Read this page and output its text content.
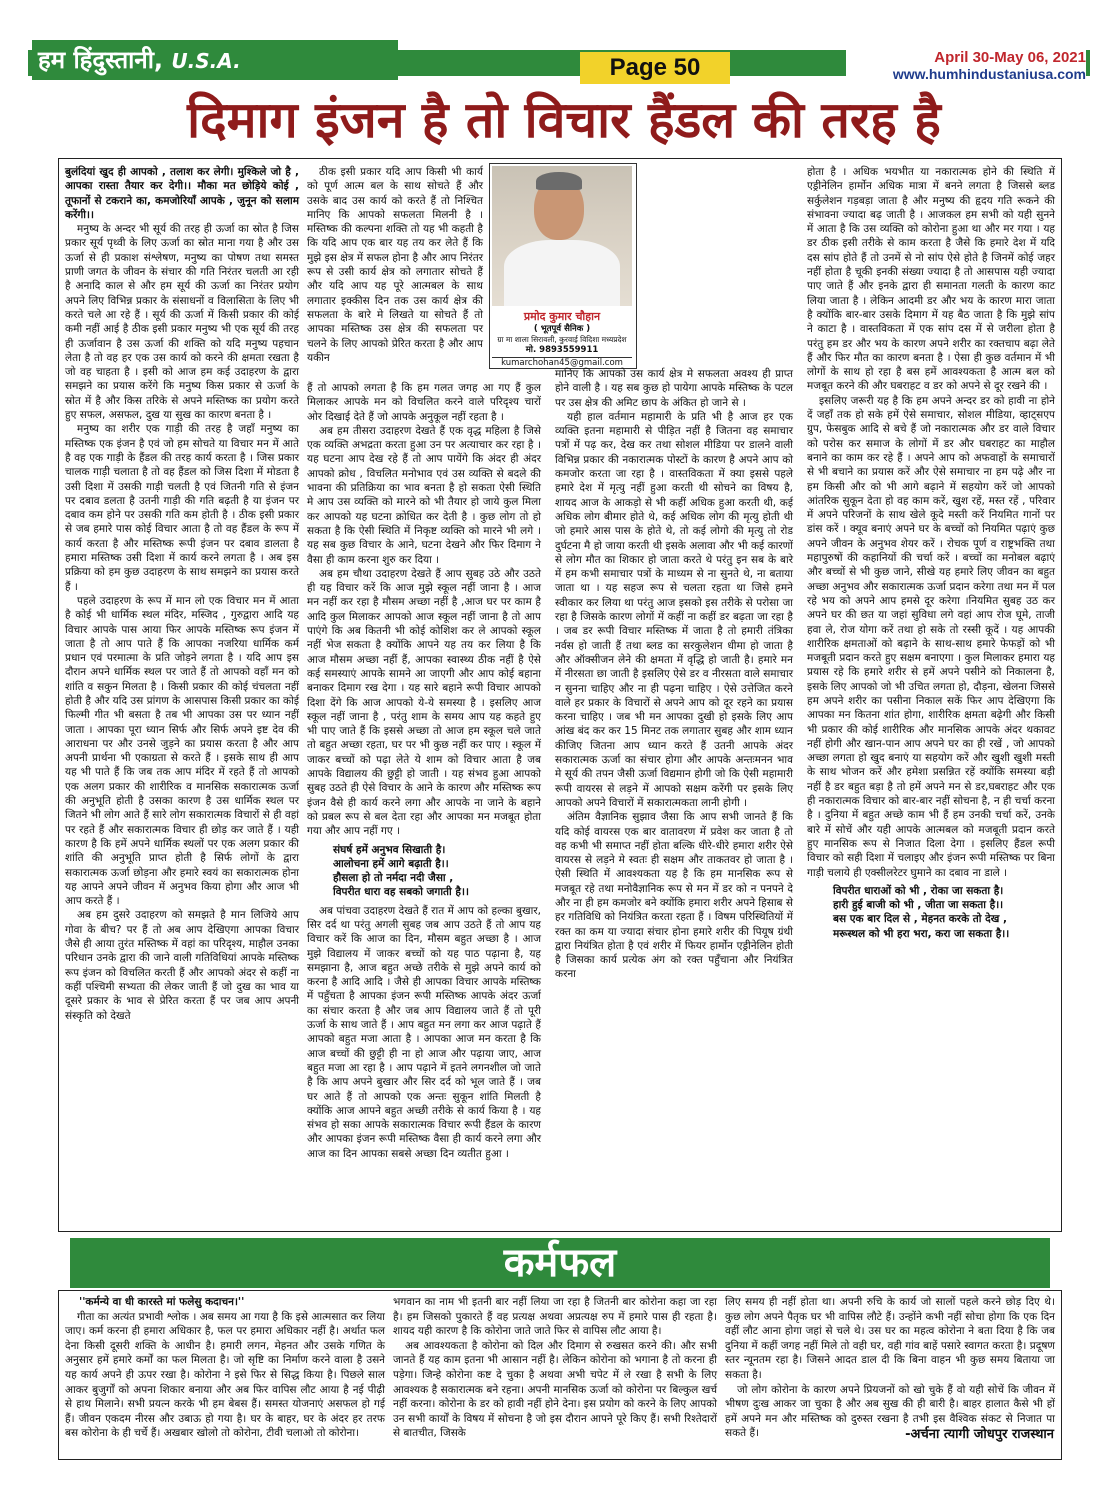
हम हिंदुस्तानी, U.S.A.	Page 50	April 30-May 06, 2021
www.humhindustaniusa.com
दिमाग इंजन है तो विचार हैंडल की तरह है

बुलंदियां खुद ही आपको , तलाश कर लेगी। मुश्किले जो है , आपका रास्ता तैयार कर देगी।। मौका मत छोड़िये कोई , तूफानों से टकराने का, कमजोरियाँ आपके , जुनून को सलाम करेंगी।।

मनुष्य के अन्दर भी सूर्य की तरह ही ऊर्जा का स्रोत है जिस प्रकार सूर्य पृथ्वी के लिए ऊर्जा का स्रोत माना गया है और उस ऊर्जा से ही प्रकाश संश्लेषण, मनुष्य का पोषण तथा समस्त प्राणी जगत के जीवन के संचार की गति निरंतर चलती आ रही है अनादि काल से और हम सूर्य की ऊर्जा का निरंतर प्रयोग अपने लिए विभिन्न प्रकार के संसाधनों व विलासिता के लिए भी करते चले आ रहे हैं । सूर्य की ऊर्जा में किसी प्रकार की कोई कमी नहीं आई है ठीक इसी प्रकार मनुष्य भी एक सूर्य की तरह ही ऊर्जावान है उस ऊर्जा की शक्ति को यदि मनुष्य पहचान लेता है तो वह हर एक उस कार्य को करने की क्षमता रखता है जो वह चाहता है । इसी को आज हम कई उदाहरण के द्वारा समझने का प्रयास करेंगे कि मनुष्य किस प्रकार से ऊर्जा के स्रोत में है और किस तरिके से अपने मस्तिष्क का प्रयोग करते हुए सफल, असफल, दुख या सुख का कारण बनता है ।

मनुष्य का शरीर एक गाड़ी की तरह है जहाँ मनुष्य का मस्तिष्क एक इंजन है एवं जो हम सोचते या विचार मन में आते है वह एक गाड़ी के हैंडल की तरह कार्य करता है । जिस प्रकार चालक गाड़ी चलाता है तो वह हैंडल को जिस दिशा में मोडता है उसी दिशा में उसकी गाड़ी चलती है एवं जितनी गति से इंजन पर दबाव डलता है उतनी गाड़ी की गति बढ़ती है या इंजन पर दबाव कम होने पर उसकी गति कम होती है । ठीक इसी प्रकार से जब हमारे पास कोई विचार आता है तो वह हैंडल के रूप में कार्य करता है और मस्तिष्क रूपी इंजन पर दबाव डालता है हमारा मस्तिष्क उसी दिशा में कार्य करने लगता है । अब इस प्रक्रिया को हम कुछ उदाहरण के साथ समझने का प्रयास करते हैं ।

पहले उदाहरण के रूप में मान लो एक विचार मन में आता है कोई भी धार्मिक स्थल मंदिर, मस्जिद , गुरुद्वारा आदि यह विचार आपके पास आया फिर आपके मस्तिष्क रूप इंजन में जाता है तो आप पाते हैं कि आपका नजरिया धार्मिक कर्म प्रधान एवं परमात्मा के प्रति जोड़ने लगता है । यदि आप इस दौरान अपने धार्मिक स्थल पर जाते हैं तो आपको वहाँ मन को शांति व सकुन मिलता है । किसी प्रकार की कोई चंचलता नहीं होती है और यदि उस प्रांगण के आसपास किसी प्रकार का कोई फिल्मी गीत भी बसता है तब भी आपका उस पर ध्यान नहीं जाता । आपका पूरा ध्यान सिर्फ और सिर्फ अपने इष्ट देव की आराधना पर और उनसे जुड़ने का प्रयास करता है और आप अपनी प्रार्थना भी एकाग्रता से करते हैं । इसके साथ ही आप यह भी पाते हैं कि जब तक आप मंदिर में रहते हैं तो आपको एक अलग प्रकार की शारीरिक व मानसिक सकारात्मक ऊर्जा की अनुभूति होती है उसका कारण है उस धार्मिक स्थल पर जितने भी लोग आते हैं सारे लोग सकारात्मक विचारों से ही वहां पर रहते हैं और सकारात्मक विचार ही छोड़ कर जाते हैं । यही कारण है कि हमें अपने धार्मिक स्थलों पर एक अलग प्रकार की शांति की अनुभूति प्राप्त होती है सिर्फ लोगों के द्वारा सकारात्मक ऊर्जा छोड़ना और हमारे स्वयं का सकारात्मक होना यह आपने अपने जीवन में अनुभव किया होगा और आज भी आप करते हैं ।

अब हम दुसरे उदाहरण को समझते है मान लिजिये आप गोवा के बीच? पर हैं तो अब आप देखिएगा आपका विचार जैसे ही आया तुरंत मस्तिष्क में वहां का परिदृश्य, माहौल उनका परिधान उनके द्वारा की जाने वाली गतिविधियां आपके मस्तिष्क रूप इंजन को विचलित करती हैं और आपको अंदर से कहीं ना कहीं पश्चिमी सभ्यता की लेकर जाती हैं जो दुख का भाव या दूसरे प्रकार के भाव से प्रेरित करता हैं पर जब आप अपनी संस्कृति को देखते

हैं तो आपको लगता है कि हम गलत जगह आ गए हैं कुल मिलाकर आपके मन को विचलित करने वाले परिदृश्य चारों ओर दिखाई देते हैं जो आपके अनुकूल नहीं रहता है ।

अब हम तीसरा उदाहरण देखते हैं एक वृद्ध महिला है जिसे एक व्यक्ति अभद्रता करता हुआ उन पर अत्याचार कर रहा है । यह घटना आप देख रहे हैं तो आप पायेंगे कि अंदर ही अंदर आपको क्रोध , विचलित मनोभाव एवं उस व्यक्ति से बदले की भावना की प्रतिक्रिया का भाव बनता है हो सकता ऐसी स्थिति मे आप उस व्यक्ति को मारने को भी तैयार हो जाये कुल मिला कर आपको यह घटना क्रोधित कर देती है । कुछ लोग तो हो सकता है कि ऐसी स्थिति में निकृष्ट व्यक्ति को मारने भी लगे । यह सब कुछ विचार के आने, घटना देखने और फिर दिमाग ने वैसा ही काम करना शुरु कर दिया ।

अब हम चौथा उदाहरण देखते हैं आप सुबह उठे और उठते ही यह विचार करें कि आज मुझे स्कूल नहीं जाना है । आज मन नहीं कर रहा है मौसम अच्छा नहीं है ,आज घर पर काम है आदि कुल मिलाकर आपको आज स्कूल नहीं जाना है तो आप पाएंगे कि अब कितनी भी कोई कोशिश कर ले आपको स्कूल नहीं भेज सकता है क्योंकि आपने यह तय कर लिया है कि आज मौसम अच्छा नहीं हैं, आपका स्वास्थ्य ठीक नहीं है ऐसे कई समस्याएं आपके सामने आ जाएगी और आप कोई बहाना बनाकर दिमाग रख देगा । यह सारे बहाने रूपी विचार आपको दिशा देंगे कि आज आपको ये-ये समस्या है । इसलिए आज स्कूल नहीं जाना है , परंतु शाम के समय आप यह कहते हुए भी पाए जाते हैं कि इससे अच्छा तो आज हम स्कूल चले जाते तो बहुत अच्छा रहता, घर पर भी कुछ नहीं कर पाए । स्कूल में जाकर बच्चों को पढ़ा लेते ये शाम को विचार आता है जब आपके विद्यालय की छुट्टी हो जाती । यह संभव हुआ आपको सुबह उठते ही ऐसे विचार के आने के कारण और मस्तिष्क रूप इंजन वैसे ही कार्य करने लगा और आपके ना जाने के बहाने को प्रबल रूप से बल देता रहा और आपका मन मजबूत होता गया और आप नहीं गए ।

संघर्ष हमें अनुभव सिखाती है।
आलोचना हमें आगे बढ़ाती है।।
हौसला हो तो नर्मदा नदी जैसा ,
विपरीत धारा वह सबको जगाती है।।

अब पांचवा उदाहरण देखते हैं रात में आप को हल्का बुखार, सिर दर्द था परंतु अगली सुबह जब आप उठते हैं तो आप यह विचार करें कि आज का दिन, मौसम बहुत अच्छा है । आज मुझे विद्यालय में जाकर बच्चों को यह पाठ पढ़ाना है, यह समझाना है, आज बहुत अच्छे तरीके से मुझे अपने कार्य को करना है आदि आदि । जैसे ही आपका विचार आपके मस्तिष्क में पहुँचता है आपका इंजन रूपी मस्तिष्क आपके अंदर ऊर्जा का संचार करता है और जब आप विद्यालय जाते हैं तो पूरी ऊर्जा के साथ जाते हैं । आप बहुत मन लगा कर आज पढ़ाते हैं आपको बहुत मजा आता है । आपका आज मन करता है कि आज बच्चों की छुट्टी ही ना हो आज और पढ़ाया जाए, आज बहुत मजा आ रहा है । आप पढ़ाने में इतने लगनशील जो जाते है कि आप अपने बुखार और सिर दर्द को भूल जाते हैं । जब घर आते हैं तो आपको एक अन्तः सुकून शांति मिलती है क्योंकि आज आपने बहुत अच्छी तरीके से कार्य किया है । यह संभव हो सका आपके सकारात्मक विचार रूपी हैंडल के कारण और आपका इंजन रूपी मस्तिष्क वैसा ही कार्य करने लगा और आज का दिन आपका सबसे अच्छा दिन व्यतीत हुआ ।

प्रमोद कुमार चौहान
( भूतपूर्व सैनिक )
ग्रा मा शाला सिरावली, कुरवाई विदिशा मध्यप्रदेश
मो. 9893559911
kumarchohan45@gmail.com

ठीक इसी प्रकार यदि आप किसी भी कार्य को पूर्ण आत्म बल के साथ सोचते हैं और उसके बाद उस कार्य को करते हैं तो निश्चित मानिए कि आपको सफलता मिलनी है ।मस्तिष्क की कल्पना शक्ति तो यह भी कहती है कि यदि आप एक बार यह तय कर लेते हैं कि मुझे इस क्षेत्र में सफल होना है और आप निरंतर रूप से उसी कार्य क्षेत्र को लगातार सोचते हैं और यदि आप यह पूरे आत्मबल के साथ लगातार इक्कीस दिन तक उस कार्य क्षेत्र की सफलता के बारे मे लिखते या सोचते हैं तो आपका मस्तिष्क उस क्षेत्र की सफलता पर चलने के लिए आपको प्रेरित करता है और आप यकीन

मानिए कि आपको उस कार्य क्षेत्र मे सफलता अवश्य ही प्राप्त होने वाली है । यह सब कुछ हो पायेगा आपके मस्तिष्क के पटल पर उस क्षेत्र की अमिट छाप के अंकित हो जाने से ।

यही हाल वर्तमान महामारी के प्रति भी है आज हर एक व्यक्ति इतना महामारी से पीड़ित नहीं है जितना वह समाचार पत्रों में पढ़ कर, देख कर तथा सोशल मीडिया पर डालने वाली विभिन्न प्रकार की नकारात्मक पोस्टों के कारण है अपने आप को कमजोर करता जा रहा है । वास्तविकता में क्या इससे पहले हमारे देश में मृत्यु नहीं हुआ करती थी सोचने का विषय है, शायद आज के आकड़ो से भी कहीं अधिक हुआ करती थी, कई अधिक लोग बीमार होते थे, कई अधिक लोग की मृत्यु होती थी जो हमारे आस पास के होते थे, तो कई लोगो की मृत्यु तो रोड दुर्घटना मै हो जाया करती थी इसके अलावा और भी कई कारणों से लोग मौत का शिकार हो जाता करते थे परंतु इन सब के बारे में हम कभी समाचार पत्रों के माध्यम से ना सुनते थे, ना बताया जाता था । यह सहज रूप से चलता रहता था जिसे हमने स्वीकार कर लिया था परंतु आज इसको इस तरीके से परोसा जा रहा है जिसके कारण लोगों में कहीं ना कहीं डर बढ़ता जा रहा है । जब डर रूपी विचार मस्तिष्क में जाता है तो हमारी तंत्रिका नर्वस हो जाती हैं तथा ब्लड का सरकुलेशन धीमा हो जाता है और ऑक्सीजन लेने की क्षमता में वृद्धि हो जाती है। हमारे मन में नीरसता छा जाती है इसलिए ऐसे डर व नीरसता वाले समाचार न सुनना चाहिए और ना ही पढ़ना चाहिए । ऐसे उत्तेजित करने वाले हर प्रकार के विचारों से अपने आप को दूर रहने का प्रयास करना चाहिए । जब भी मन आपका दुखी हो इसके लिए आप आंख बंद कर कर 15 मिनट तक लगातार सुबह और शाम ध्यान कीजिए जितना आप ध्यान करते हैं उतनी आपके अंदर सकारात्मक ऊर्जा का संचार होगा और आपके अन्तःमनन भाव मे सूर्य की तपन जैसी ऊर्जा विद्यमान होगी जो कि ऐसी महामारी रूपी वायरस से लड़ने में आपको सक्षम करेंगी पर इसके लिए आपको अपने विचारों में सकारात्मकता लानी होगी ।

अंतिम वैज्ञानिक सुझाव जैसा कि आप सभी जानते हैं कि यदि कोई वायरस एक बार वातावरण में प्रवेश कर जाता है तो वह कभी भी समाप्त नहीं होता बल्कि धीरे-धीरे हमारा शरीर ऐसे वायरस से लड़ने मे स्वतः ही सक्षम और ताकतवर हो जाता है । ऐसी स्थिति में आवश्यकता यह है कि हम मानसिक रूप से मजबूत रहे तथा मनोवैज्ञानिक रूप से मन में डर को न पनपने दे और ना ही हम कमजोर बने क्योंकि हमारा शरीर अपने हिसाब से हर गतिविधि को नियंत्रित करता रहता हैं । विषम परिस्थितियों में रक्त का कम या ज्यादा संचार होना हमारे शरीर की पियूष ग्रंथी द्वारा नियंत्रित होता है एवं शरीर में फियर हार्मोन एड्रीनेलिन होती है जिसका कार्य प्रत्येक अंग को रक्त पहुँचाना और नियंत्रित करना

होता है । अधिक भयभीत या नकारात्मक होने की स्थिति में एड्रीनेलिन हार्मोन अधिक मात्रा में बनने लगता है जिससे ब्लड सर्कुलेशन गड़बड़ा जाता है और मनुष्य की हृदय गति रूकने की संभावना ज्यादा बढ़ जाती है । आजकल हम सभी को यही सुनने में आता है कि उस व्यक्ति को कोरोना हुआ था और मर गया । यह डर ठीक इसी तरीके से काम करता है जैसे कि हमारे देश में यदि दस सांप होते हैं तो उनमें से नो सांप ऐसे होते है जिनमें कोई जहर नहीं होता है चूकी इनकी संख्या ज्यादा है तो आसपास यही ज्यादा पाए जाते हैं और इनके द्वारा ही समानता गलती के कारण काट लिया जाता है । लेकिन आदमी डर और भय के कारण मारा जाता है क्योंकि बार-बार उसके दिमाग में यह बैठ जाता है कि मुझे सांप ने काटा है । वास्तविकता में एक सांप दस में से जरीला होता है परंतु हम डर और भय के कारण अपने शरीर का रक्तचाप बढ़ा लेते हैं और फिर मौत का कारण बनता है । ऐसा ही कुछ वर्तमान में भी लोगों के साथ हो रहा है बस हमें आवश्यकता है आत्म बल को मजबूत करने की और घबराहट व डर को अपने से दूर रखने की ।

इसलिए जरूरी यह है कि हम अपने अन्दर डर को हावी ना होने दें जहाँ तक हो सके हमें ऐसे समाचार, सोशल मीडिया, व्हाट्सएप ग्रुप, फेसबुक आदि से बचे हैं जो नकारात्मक और डर वाले विचार को परोस कर समाज के लोगों में डर और घबराहट का माहौल बनाने का काम कर रहे हैं । अपने आप को अफवाहों के समाचारों से भी बचाने का प्रयास करें और ऐसे समाचार ना हम पढ़े और ना हम किसी और को भी आगे बढ़ाने में सहयोग करें जो आपको आंतरिक सुकून देता हो वह काम करें, खुश रहें, मस्त रहें , परिवार में अपने परिजनों के साथ खेले कूदे मस्ती करें नियमित गानों पर डांस करें । क्यूव बनाएं अपने घर के बच्चों को नियमित पढ़ाएं कुछ अपने जीवन के अनुभव शेयर करें । रोचक पूर्ण व राष्ट्रभक्ति तथा महापुरुषों की कहानियों की चर्चा करें । बच्चों का मनोबल बढ़ाएं और बच्चों से भी कुछ जाने, सीखे यह हमारे लिए जीवन का बहुत अच्छा अनुभव और सकारात्मक ऊर्जा प्रदान करेगा तथा मन में पल रहे भय को अपने आप हमसे दूर करेगा ।नियमित सुबह उठ कर अपने घर की छत या जहां सुविधा लगे वहां आप रोज घूमे, ताजी हवा ले, रोज योगा करें तथा हो सके तो रस्सी कूदें । यह आपकी शारीरिक क्षमताओं को बढ़ाने के साथ-साथ हमारे फेफड़ों को भी मजबूती प्रदान करते हुए सक्षम बनाएगा । कुल मिलाकर हमारा यह प्रयास रहे कि हमारे शरीर से हमें अपने पसीने को निकालना है, इसके लिए आपको जो भी उचित लगता हो, दौड़ना, खेलना जिससे हम अपने शरीर का पसीना निकाल सकें फिर आप देखिएगा कि आपका मन कितना शांत होगा, शारीरिक क्षमता बढ़ेगी और किसी भी प्रकार की कोई शारीरिक और मानसिक आपके अंदर थकावट नहीं होगी और खान-पान आप अपने घर का ही रखें , जो आपको अच्छा लगता हो खुद बनाएं या सहयोग करें और खुशी खुशी मस्ती के साथ भोजन करें और हमेशा प्रसन्नित रहें क्योंकि समस्या बड़ी नहीं है डर बहुत बड़ा है तो हमें अपने मन से डर,घबराहट और एक ही नकारात्मक विचार को बार-बार नहीं सोचना है, न ही चर्चा करना है । दुनिया में बहुत अच्छे काम भी हैं हम उनकी चर्चा करें, उनके बारे में सोचें और यही आपके आत्मबल को मजबूती प्रदान करते हुए मानसिक रूप से निजात दिला देगा । इसलिए हैंडल रूपी विचार को सही दिशा में चलाइए और इंजन रूपी मस्तिष्क पर बिना गाड़ी चलाये ही एक्सीलरेटर घुमाने का दबाव ना डाले ।

विपरीत धाराओं को भी , रोका जा सकता है।
हारी हुई बाजी को भी , जीता जा सकता है।।
बस एक बार दिल से , मेहनत करके तो देख ,
मरूस्थल को भी हरा भरा, करा जा सकता है।।
कर्मफल

''कर्मन्ये वा धी कारस्ते मां फलेसु कदाचन।''

गीता का अत्यंत प्रभावी श्लोक । अब समय आ गया है कि इसे आत्मसात कर लिया जाए। कर्म करना ही हमारा अधिकार है, फल पर हमारा अधिकार नहीं है। अर्थात फल देना किसी दूसरी शक्ति के आधीन है। हमारी लगन, मेहनत और उसके गणित के अनुसार हमें हमारे कर्मों का फल मिलता है। जो सृष्टि का निर्माण करने वाला है उसने यह कार्य अपने ही ऊपर रखा है। कोरोना ने इसे फिर से सिद्ध किया है। पिछले साल आकर बुजुर्गों को अपना शिकार बनाया और अब फिर वापिस लौट आया है नई पीढ़ी से हाथ मिलाने। सभी प्रयत्न करके भी हम बेबस हैं। समस्त योजनाएं असफल हो गई हैं। जीवन एकदम नीरस और उबाऊ हो गया है। घर के बाहर, घर के अंदर हर तरफ बस कोरोना के ही चर्चे हैं। अखबार खोलो तो कोरोना, टीवी चलाओ तो कोरोना।

भगवान का नाम भी इतनी बार नहीं लिया जा रहा है जितनी बार कोरोना कहा जा रहा है। हम जिसको पुकारते हैं वह प्रत्यक्ष अथवा अप्रत्यक्ष रुप में हमारे पास ही रहता है। शायद यही कारण है कि कोरोना जाते जाते फिर से वापिस लौट आया है।

अब आवश्यकता है कोरोना को दिल और दिमाग से रुखसत करने की। और सभी जानते हैं यह काम इतना भी आसान नहीं है। लेकिन कोरोना को भगाना है तो करना ही पड़ेगा। जिन्हे कोरोना कष्ट दे चुका है अथवा अभी चपेट में ले रखा है सभी के लिए आवश्यक है सकारात्मक बने रहना। अपनी मानसिक ऊर्जा को कोरोना पर बिल्कुल खर्च नहीं करना। कोरोना के डर को हावी नहीं होने देना। इस प्रयोग को करने के लिए आपको उन सभी कार्यों के विषय में सोचना है जो इस दौरान आपने पूरे किए हैं। सभी रिश्तेदारों से बातचीत, जिसके

लिए समय ही नहीं होता था। अपनी रुचि के कार्य जो सालों पहले करने छोड़ दिए थे। कुछ लोग अपने पैतृक घर भी वापिस लौटे हैं। उन्होंने कभी नहीं सोचा होगा कि एक दिन वहीं लौट आना होगा जहां से चले थे। उस घर का महत्व कोरोना ने बता दिया है कि जब दुनिया में कहीं जगह नहीं मिले तो वही घर, वही गांव बाहें पसारे स्वागत करता है। प्रदूषण स्तर न्यूनतम रहा है। जिसने आदत डाल दी कि बिना वाहन भी कुछ समय बिताया जा सकता है।

जो लोग कोरोना के कारण अपने प्रियजनों को खो चुके हैं वो यही सोचें कि जीवन में भीषण दुःख आकर जा चुका है और अब सुख की ही बारी है। बाहर हालात कैसे भी हों हमें अपने मन और मस्तिष्क को दुरुस्त रखना है तभी इस वैश्विक संकट से निजात पा सकते हैं।	-अर्चना त्यागी जोधपुर राजस्थान
